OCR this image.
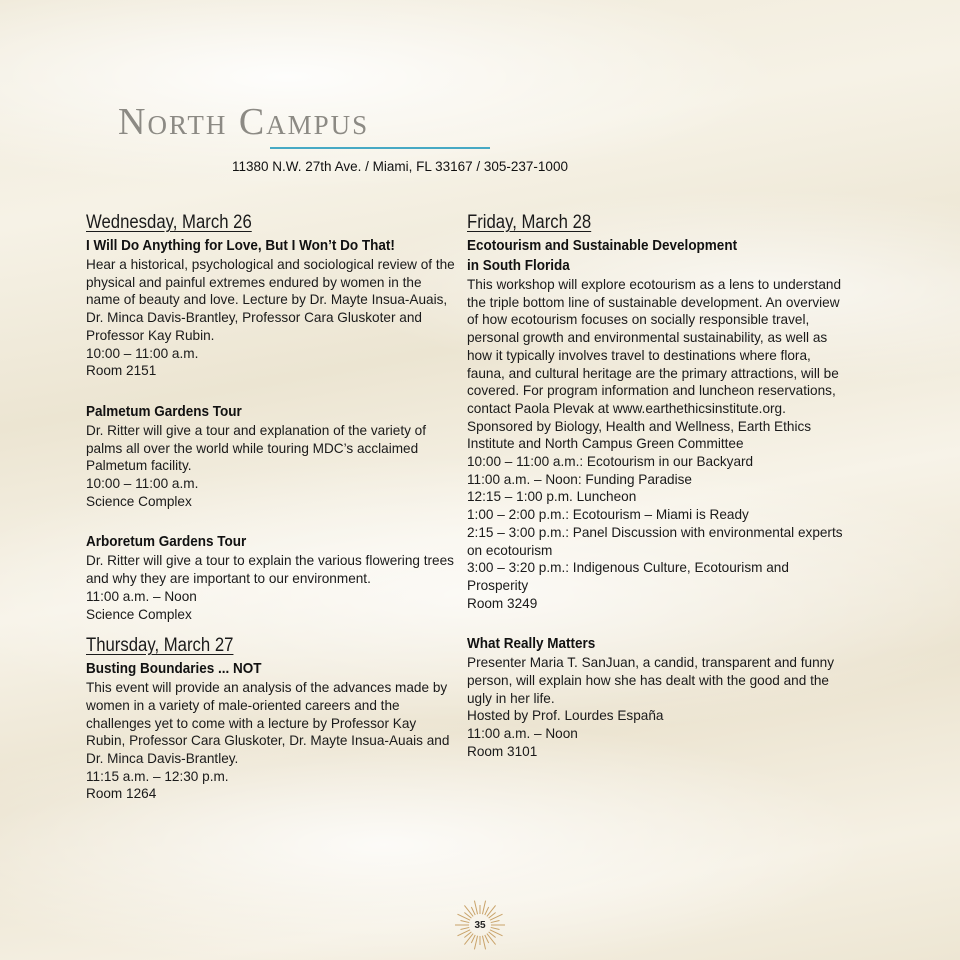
North Campus
11380 N.W. 27th Ave. / Miami, FL 33167 / 305-237-1000
Wednesday, March 26
I Will Do Anything for Love, But I Won’t Do That!

Hear a historical, psychological and sociological review of the physical and painful extremes endured by women in the name of beauty and love. Lecture by Dr. Mayte Insua-Auais, Dr. Minca Davis-Brantley, Professor Cara Gluskoter and Professor Kay Rubin.

10:00 – 11:00 a.m.

Room 2151

Palmetum Gardens Tour

Dr. Ritter will give a tour and explanation of the variety of palms all over the world while touring MDC’s acclaimed Palmetum facility.

10:00 – 11:00 a.m.

Science Complex

Arboretum Gardens Tour

Dr. Ritter will give a tour to explain the various flowering trees and why they are important to our environment.

11:00 a.m. – Noon

Science Complex

Thursday, March 27
Busting Boundaries ... NOT

This event will provide an analysis of the advances made by women in a variety of male-oriented careers and the challenges yet to come with a lecture by Professor Kay Rubin, Professor Cara Gluskoter, Dr. Mayte Insua-Auais and Dr. Minca Davis-Brantley.

11:15 a.m. – 12:30 p.m.

Room 1264

Friday, March 28
Ecotourism and Sustainable Development
in South Florida

This workshop will explore ecotourism as a lens to understand the triple bottom line of sustainable development. An overview of how ecotourism focuses on socially responsible travel, personal growth and environmental sustainability, as well as how it typically involves travel to destinations where flora, fauna, and cultural heritage are the primary attractions, will be covered. For program information and luncheon reservations, contact Paola Plevak at www.earthethicsinstitute.org.

Sponsored by Biology, Health and Wellness, Earth Ethics Institute and North Campus Green Committee

10:00 – 11:00 a.m.: Ecotourism in our Backyard

11:00 a.m. – Noon: Funding Paradise

12:15 – 1:00 p.m. Luncheon

1:00 – 2:00 p.m.: Ecotourism – Miami is Ready

2:15 – 3:00 p.m.: Panel Discussion with environmental experts on ecotourism

3:00 – 3:20 p.m.: Indigenous Culture, Ecotourism and Prosperity

Room 3249

What Really Matters

Presenter Maria T. SanJuan, a candid, transparent and funny person, will explain how she has dealt with the good and the ugly in her life.

Hosted by Prof. Lourdes España

11:00 a.m. – Noon

Room 3101

35
